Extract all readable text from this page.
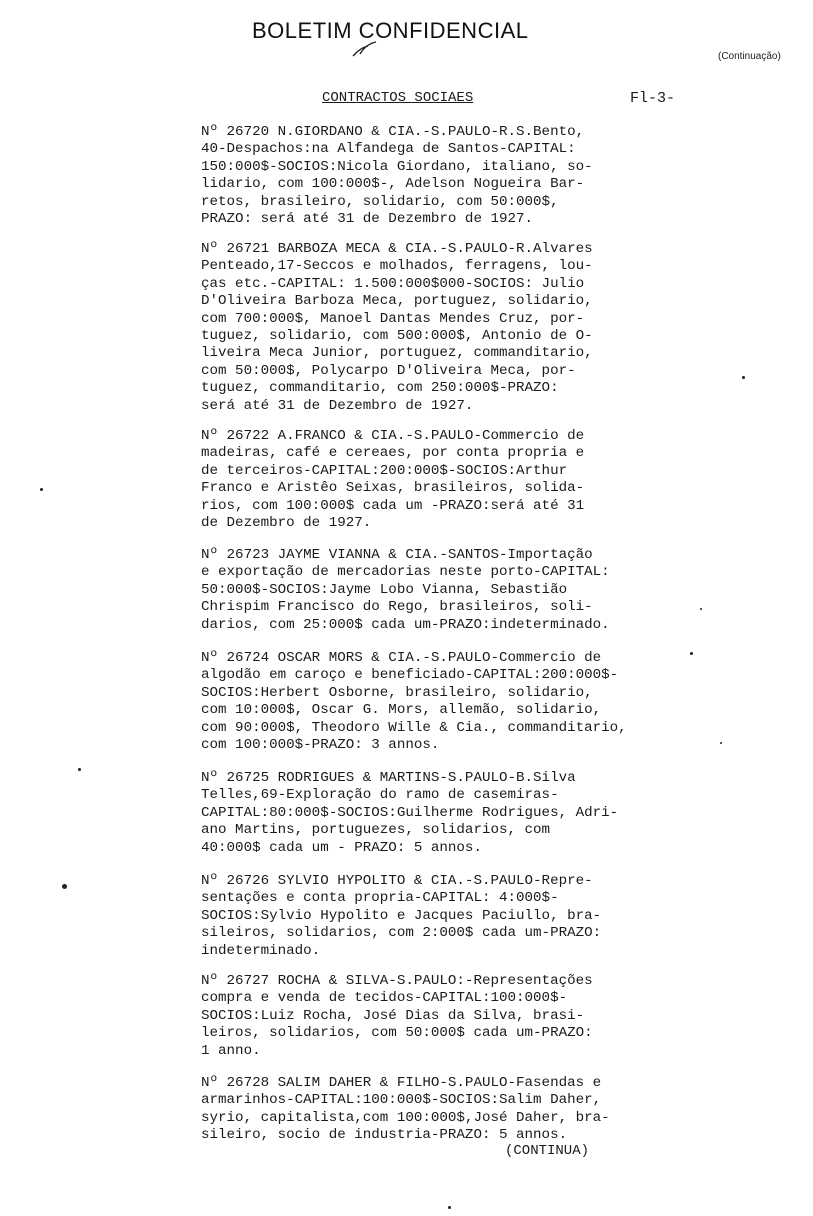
BOLETIM CONFIDENCIAL
(Continuação)
CONTRACTOS SOCIAES	Fl-3-

Nº 26720 N.GIORDANO & CIA.-S.PAULO-R.S.Bento,
40-Despachos:na Alfandega de Santos-CAPITAL:
150:000$-SOCIOS:Nicola Giordano, italiano, so-
lidario, com 100:000$-, Adelson Nogueira Bar-
retos, brasileiro, solidario, com 50:000$,
PRAZO: será até 31 de Dezembro de 1927.

Nº 26721 BARBOZA MECA & CIA.-S.PAULO-R.Alvares
Penteado,17-Seccos e molhados, ferragens, lou-
ças etc.-CAPITAL: 1.500:000$000-SOCIOS: Julio
D'Oliveira Barboza Meca, portuguez, solidario,
com 700:000$, Manoel Dantas Mendes Cruz, por-
tuguez, solidario, com 500:000$, Antonio de O-
liveira Meca Junior, portuguez, commanditario,
com 50:000$, Polycarpo D'Oliveira Meca, por-
tuguez, commanditario, com 250:000$-PRAZO:
será até 31 de Dezembro de 1927.

Nº 26722 A.FRANCO & CIA.-S.PAULO-Commercio de
madeiras, café e cereaes, por conta propria e
de terceiros-CAPITAL:200:000$-SOCIOS:Arthur
Franco e Aristêo Seixas, brasileiros, solida-
rios, com 100:000$ cada um -PRAZO:será até 31
de Dezembro de 1927.

Nº 26723 JAYME VIANNA & CIA.-SANTOS-Importação
e exportação de mercadorias neste porto-CAPITAL:
50:000$-SOCIOS:Jayme Lobo Vianna, Sebastião
Chrispim Francisco do Rego, brasileiros, soli-
darios, com 25:000$ cada um-PRAZO:indeterminado.

Nº 26724 OSCAR MORS & CIA.-S.PAULO-Commercio de
algodão em caroço e beneficiado-CAPITAL:200:000$-
SOCIOS:Herbert Osborne, brasileiro, solidario,
com 10:000$, Oscar G. Mors, allemão, solidario,
com 90:000$, Theodoro Wille & Cia., commanditario,
com 100:000$-PRAZO: 3 annos.

Nº 26725 RODRIGUES & MARTINS-S.PAULO-B.Silva
Telles,69-Exploração do ramo de casemiras-
CAPITAL:80:000$-SOCIOS:Guilherme Rodrigues, Adri-
ano Martins, portuguezes, solidarios, com
40:000$ cada um - PRAZO: 5 annos.

Nº 26726 SYLVIO HYPOLITO & CIA.-S.PAULO-Repre-
sentações e conta propria-CAPITAL: 4:000$-
SOCIOS:Sylvio Hypolito e Jacques Paciullo, bra-
sileiros, solidarios, com 2:000$ cada um-PRAZO:
indeterminado.

Nº 26727 ROCHA & SILVA-S.PAULO:-Representações
compra e venda de tecidos-CAPITAL:100:000$-
SOCIOS:Luiz Rocha, José Dias da Silva, brasi-
leiros, solidarios, com 50:000$ cada um-PRAZO:
1 anno.

Nº 26728 SALIM DAHER & FILHO-S.PAULO-Fasendas e
armarinhos-CAPITAL:100:000$-SOCIOS:Salim Daher,
syrio, capitalista,com 100:000$,José Daher, bra-
sileiro, socio de industria-PRAZO: 5 annos.

(CONTINUA)
